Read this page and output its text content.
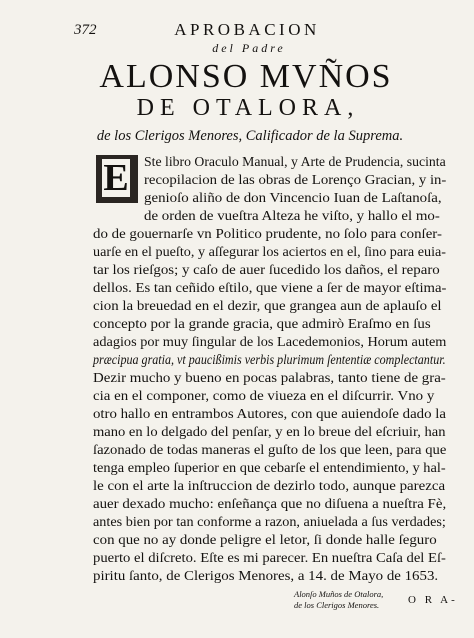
372	APROBACION
del Padre
ALONSO MVÑOS
DE OTALORA,
de los Clerigos Menores, Calificador de la Suprema.
E Ste libro Oraculo Manual, y Arte de Prudencia, sucinta
recopilacion de las obras de Lorenço Gracian, y in-
genioſo aliño de don Vincencio Iuan de Laſtanoſa,
de orden de vueſtra Alteza he viſto, y hallo el mo-
do de gouernarſe vn Politico prudente, no ſolo para conſer-
uarſe en el pueſto, y aſſegurar los aciertos en el, ſino para euia-
tar los rieſgos; y caſo de auer ſucedido los daños, el reparo
dellos. Es tan ceñido eſtilo, que viene a ſer de mayor eſtima-
cion la breuedad en el dezir, que grangea aun de aplauſo el
concepto por la grande gracia, que admirò Eraſmo en ſus
adagios por muy ſingular de los Lacedemonios, Horum autem
præcipua gratia, vt paucißimis verbis plurimum ſententiæ complectantur.
Dezir mucho y bueno en pocas palabras, tanto tiene de gra-
cia en el componer, como de viueza en el diſcurrir. Vno y
otro hallo en entrambos Autores, con que auiendoſe dado la
mano en lo delgado del penſar, y en lo breue del eſcriuir, han
ſazonado de todas maneras el guſto de los que leen, para que
tenga empleo ſuperior en que cebarſe el entendimiento, y hal-
le con el arte la inſtruccion de dezirlo todo, aunque parezca
auer dexado mucho: enſeñança que no diſuena a nueſtra Fè,
antes bien por tan conforme a razon, aniuelada a ſus verdades;
con que no ay donde peligre el letor, ſi donde halle ſeguro
puerto el diſcreto. Eſte es mi parecer. En nueſtra Caſa del Eſ-
piritu ſanto, de Clerigos Menores, a 14. de Mayo de 1653.
Alonſo Muños de Otalora,
de los Clerigos Menores.	O R A-
